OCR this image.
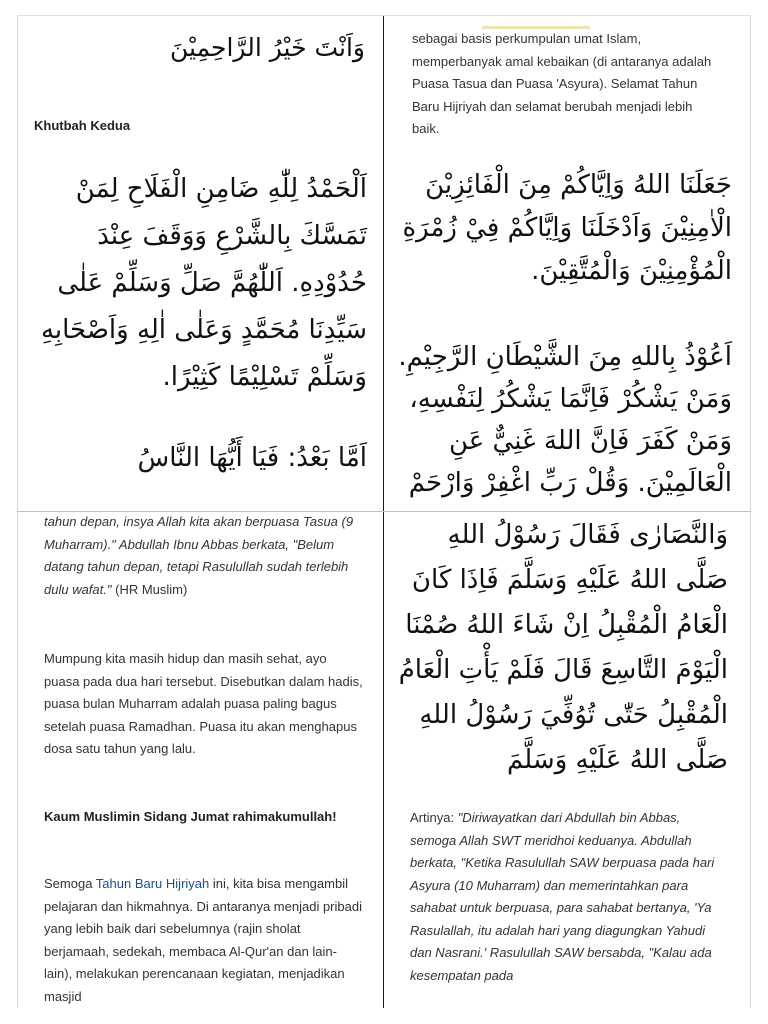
وَاَنْتَ خَيْرُ الرَّاحِمِيْنَ

Khutbah Kedua

اَلْحَمْدُ لِلّٰهِ ضَامِنِ الْفَلَاحِ لِمَنْ تَمَسَّكَ بِالشَّرْعِ وَوَقَفَ عِنْدَ حُدُوْدِهِ. اَللّٰهُمَّ صَلِّ وَسَلِّمْ عَلٰى سَيِّدِنَا مُحَمَّدٍ وَعَلٰى اٰلِهِ وَاَصْحَابِهِ وَسَلِّمْ تَسْلِيْمًا كَثِيْرًا.

اَمَّا بَعْدُ: فَيَا أَيُّهَا النَّاسُ

sebagai basis perkumpulan umat Islam, memperbanyak amal kebaikan (di antaranya adalah Puasa Tasua dan Puasa 'Asyura). Selamat Tahun Baru Hijriyah dan selamat berubah menjadi lebih baik.

جَعَلَنَا اللهُ وَاِيَّاكُمْ مِنَ الْفَائِزِيْنَ الْاٰمِنِيْنَ وَاَدْخَلَنَا وَاِيَّاكُمْ فِيْ زُمْرَةِ الْمُؤْمِنِيْنَ وَالْمُتَّقِيْنَ.

اَعُوْذُ بِاللهِ مِنَ الشَّيْطَانِ الرَّجِيْمِ. وَمَنْ يَشْكُرْ فَاِنَّمَا يَشْكُرُ لِنَفْسِهِ، وَمَنْ كَفَرَ فَاِنَّ اللهَ غَنِيٌّ عَنِ الْعَالَمِيْنَ. وَقُلْ رَبِّ اغْفِرْ وَارْحَمْ

tahun depan, insya Allah kita akan berpuasa Tasua (9 Muharram)." Abdullah Ibnu Abbas berkata, "Belum datang tahun depan, tetapi Rasulullah sudah terlebih dulu wafat." (HR Muslim)

Mumpung kita masih hidup dan masih sehat, ayo puasa pada dua hari tersebut. Disebutkan dalam hadis, puasa bulan Muharram adalah puasa paling bagus setelah puasa Ramadhan. Puasa itu akan menghapus dosa satu tahun yang lalu.

Kaum Muslimin Sidang Jumat rahimakumullah!

Semoga Tahun Baru Hijriyah ini, kita bisa mengambil pelajaran dan hikmahnya. Di antaranya menjadi pribadi yang lebih baik dari sebelumnya (rajin sholat berjamaah, sedekah, membaca Al-Qur'an dan lain-lain), melakukan perencanaan kegiatan, menjadikan masjid

وَالنَّصَارٰى فَقَالَ رَسُوْلُ اللهِ صَلَّى اللهُ عَلَيْهِ وَسَلَّمَ فَاِذَا كَانَ الْعَامُ الْمُقْبِلُ اِنْ شَاءَ اللهُ صُمْنَا الْيَوْمَ التَّاسِعَ قَالَ فَلَمْ يَأْتِ الْعَامُ الْمُقْبِلُ حَتّٰى تُوُفِّيَ رَسُوْلُ اللهِ صَلَّى اللهُ عَلَيْهِ وَسَلَّمَ

Artinya: "Diriwayatkan dari Abdullah bin Abbas, semoga Allah SWT meridhoi keduanya. Abdullah berkata, "Ketika Rasulullah SAW berpuasa pada hari Asyura (10 Muharram) dan memerintahkan para sahabat untuk berpuasa, para sahabat bertanya, 'Ya Rasulallah, itu adalah hari yang diagungkan Yahudi dan Nasrani.' Rasulullah SAW bersabda, "Kalau ada kesempatan pada
